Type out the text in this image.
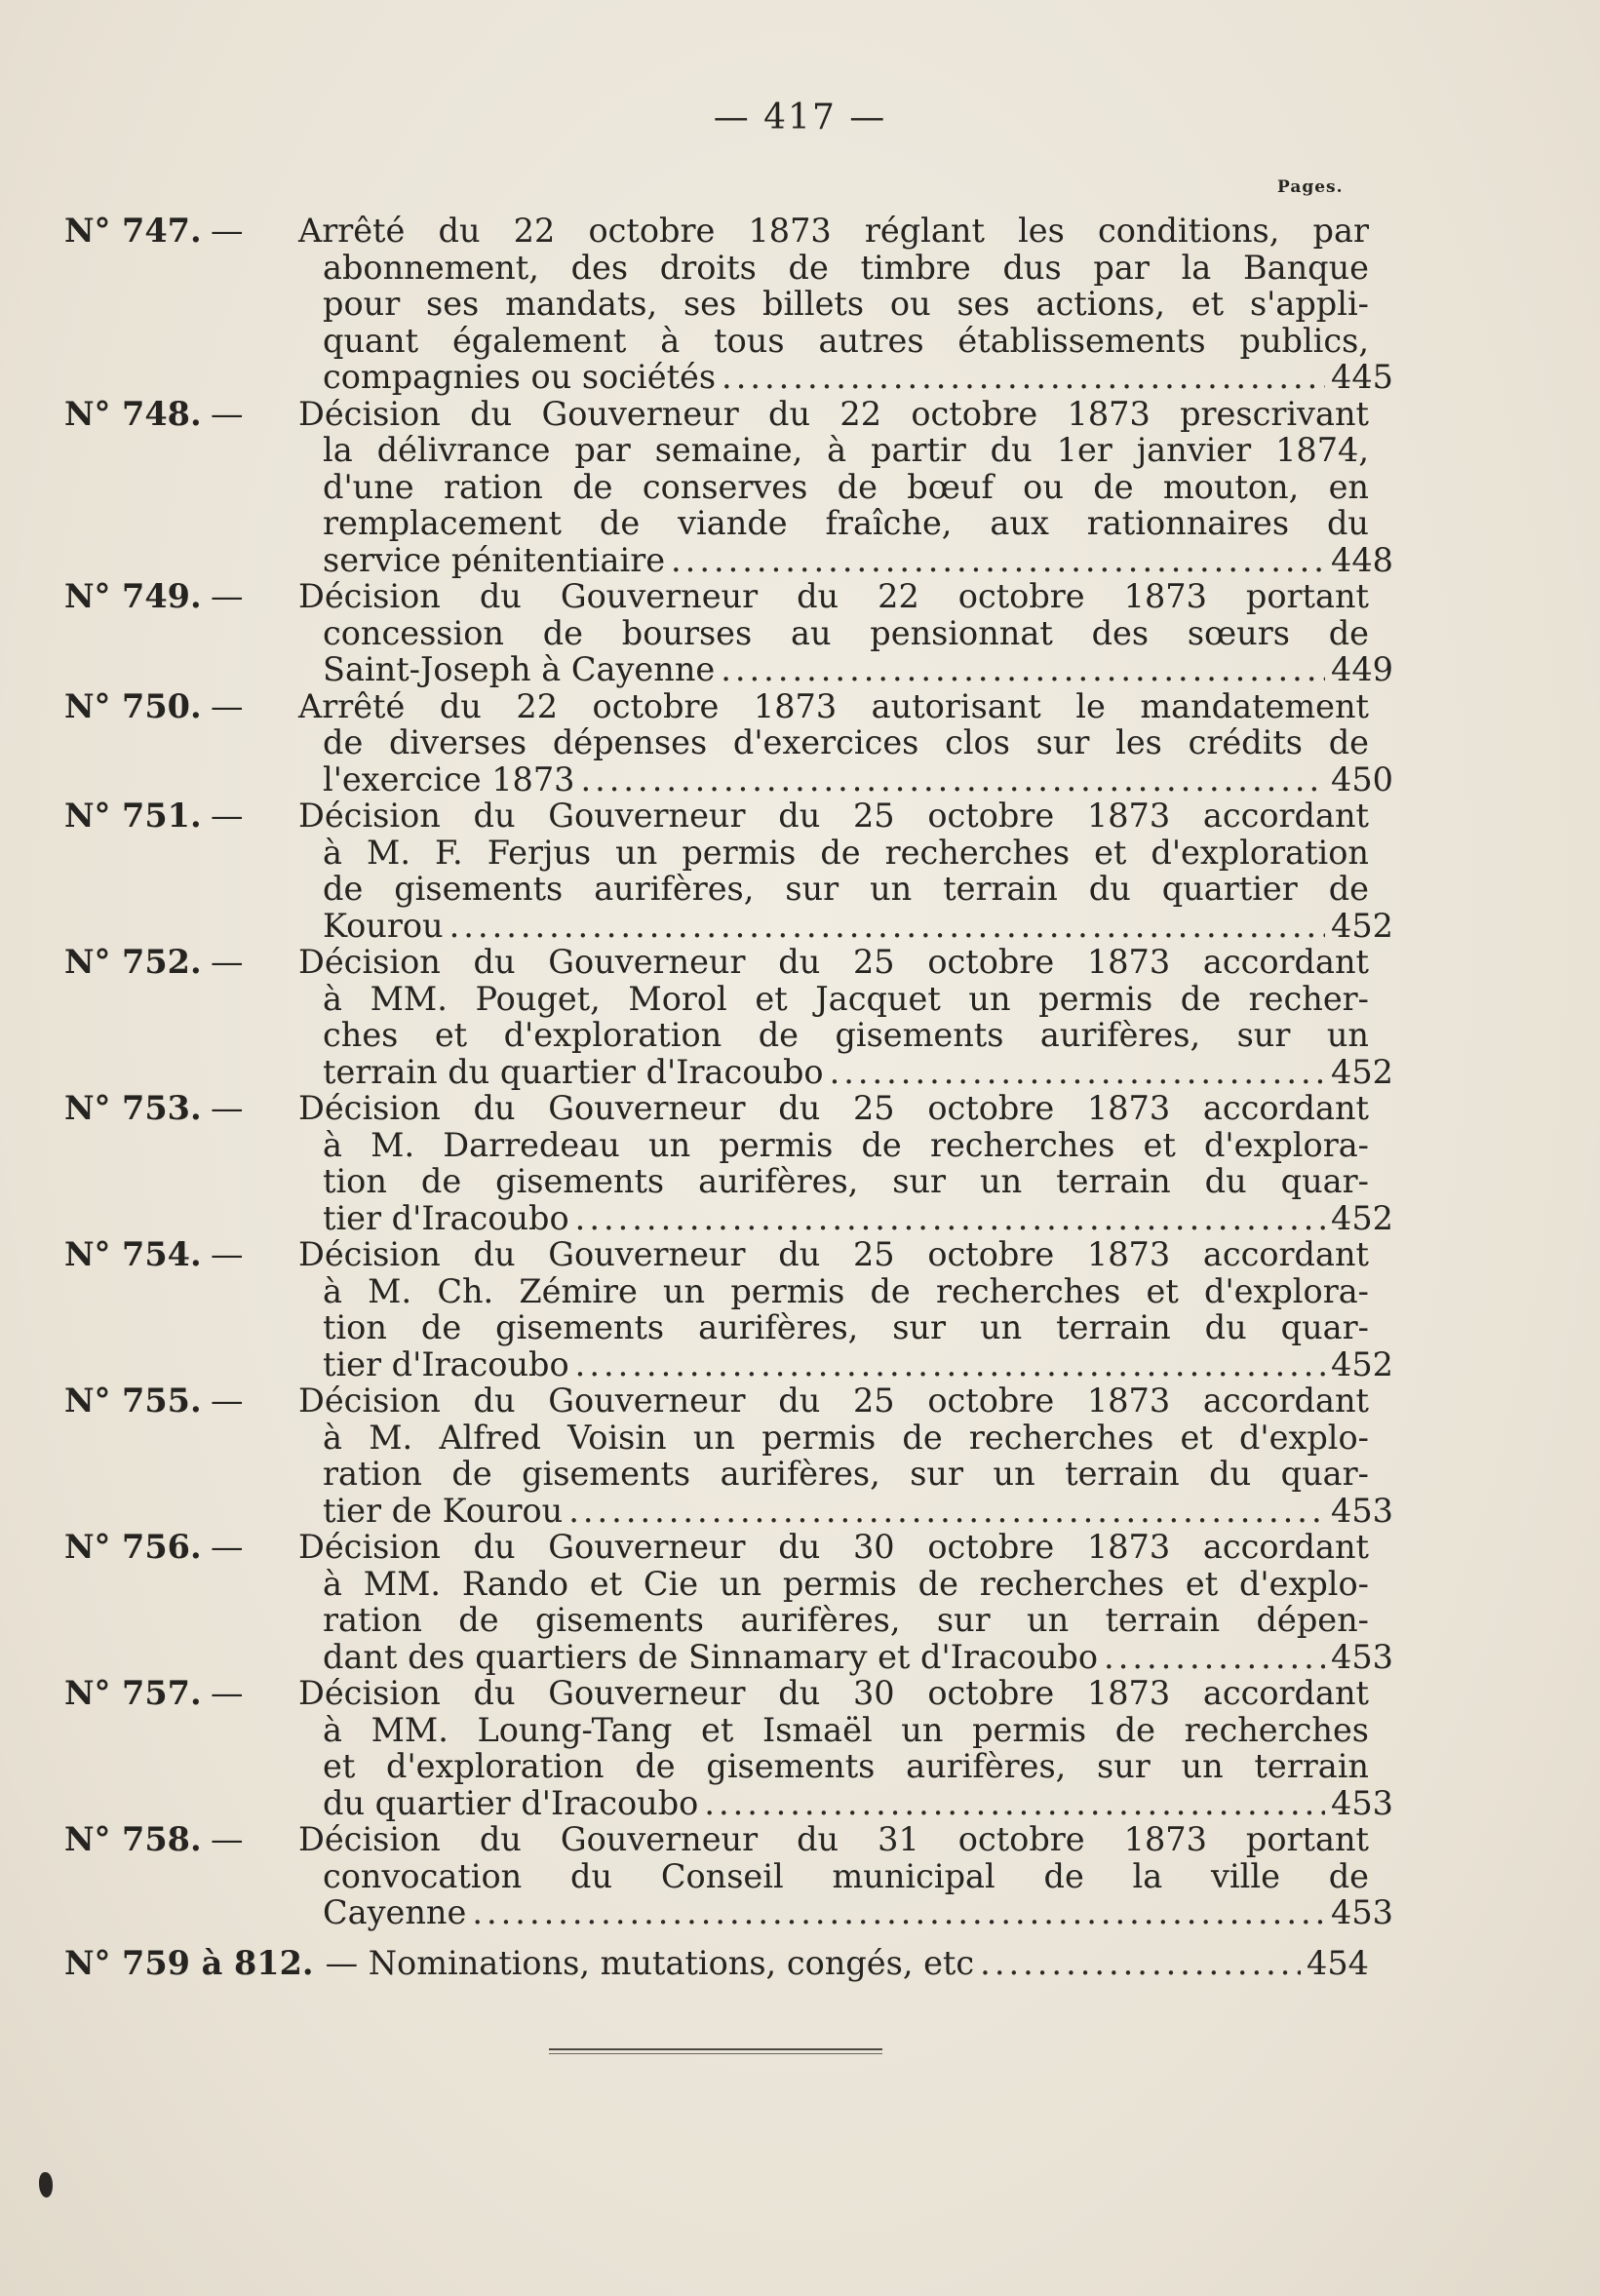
— 417 —
Pages.
N° 747. — Arrêté du 22 octobre 1873 réglant les conditions, par
abonnement, des droits de timbre dus par la Banque
pour ses mandats, ses billets ou ses actions, et s'appli-
quant également à tous autres établissements publics,
compagnies ou sociétés .....	445
N° 748. — Décision du Gouverneur du 22 octobre 1873 prescrivant
la délivrance par semaine, à partir du 1er janvier 1874,
d'une ration de conserves de bœuf ou de mouton, en
remplacement de viande fraîche, aux rationnaires du
service pénitentiaire .....	448
N° 749. — Décision du Gouverneur du 22 octobre 1873 portant
concession de bourses au pensionnat des sœurs de
Saint-Joseph à Cayenne .....	449
N° 750. — Arrêté du 22 octobre 1873 autorisant le mandatement
de diverses dépenses d'exercices clos sur les crédits de
l'exercice 1873 .....	450
N° 751. — Décision du Gouverneur du 25 octobre 1873 accordant
à M. F. Ferjus un permis de recherches et d'exploration
de gisements aurifères, sur un terrain du quartier de
Kourou .....	452
N° 752. — Décision du Gouverneur du 25 octobre 1873 accordant
à MM. Pouget, Morol et Jacquet un permis de recher-
ches et d'exploration de gisements aurifères, sur un
terrain du quartier d'Iracoubo .....	452
N° 753. — Décision du Gouverneur du 25 octobre 1873 accordant
à M. Darredeau un permis de recherches et d'explora-
tion de gisements aurifères, sur un terrain du quar-
tier d'Iracoubo .....	452
N° 754. — Décision du Gouverneur du 25 octobre 1873 accordant
à M. Ch. Zémire un permis de recherches et d'explora-
tion de gisements aurifères, sur un terrain du quar-
tier d'Iracoubo .....	452
N° 755. — Décision du Gouverneur du 25 octobre 1873 accordant
à M. Alfred Voisin un permis de recherches et d'explo-
ration de gisements aurifères, sur un terrain du quar-
tier de Kourou .....	453
N° 756. — Décision du Gouverneur du 30 octobre 1873 accordant
à MM. Rando et Cie un permis de recherches et d'explo-
ration de gisements aurifères, sur un terrain dépen-
dant des quartiers de Sinnamary et d'Iracoubo .....	453
N° 757. — Décision du Gouverneur du 30 octobre 1873 accordant
à MM. Loung-Tang et Ismaël un permis de recherches
et d'exploration de gisements aurifères, sur un terrain
du quartier d'Iracoubo .....	453
N° 758. — Décision du Gouverneur du 31 octobre 1873 portant
convocation du Conseil municipal de la ville de
Cayenne .....	453
N° 759 à 812. — Nominations, mutations, congés, etc .....	454
